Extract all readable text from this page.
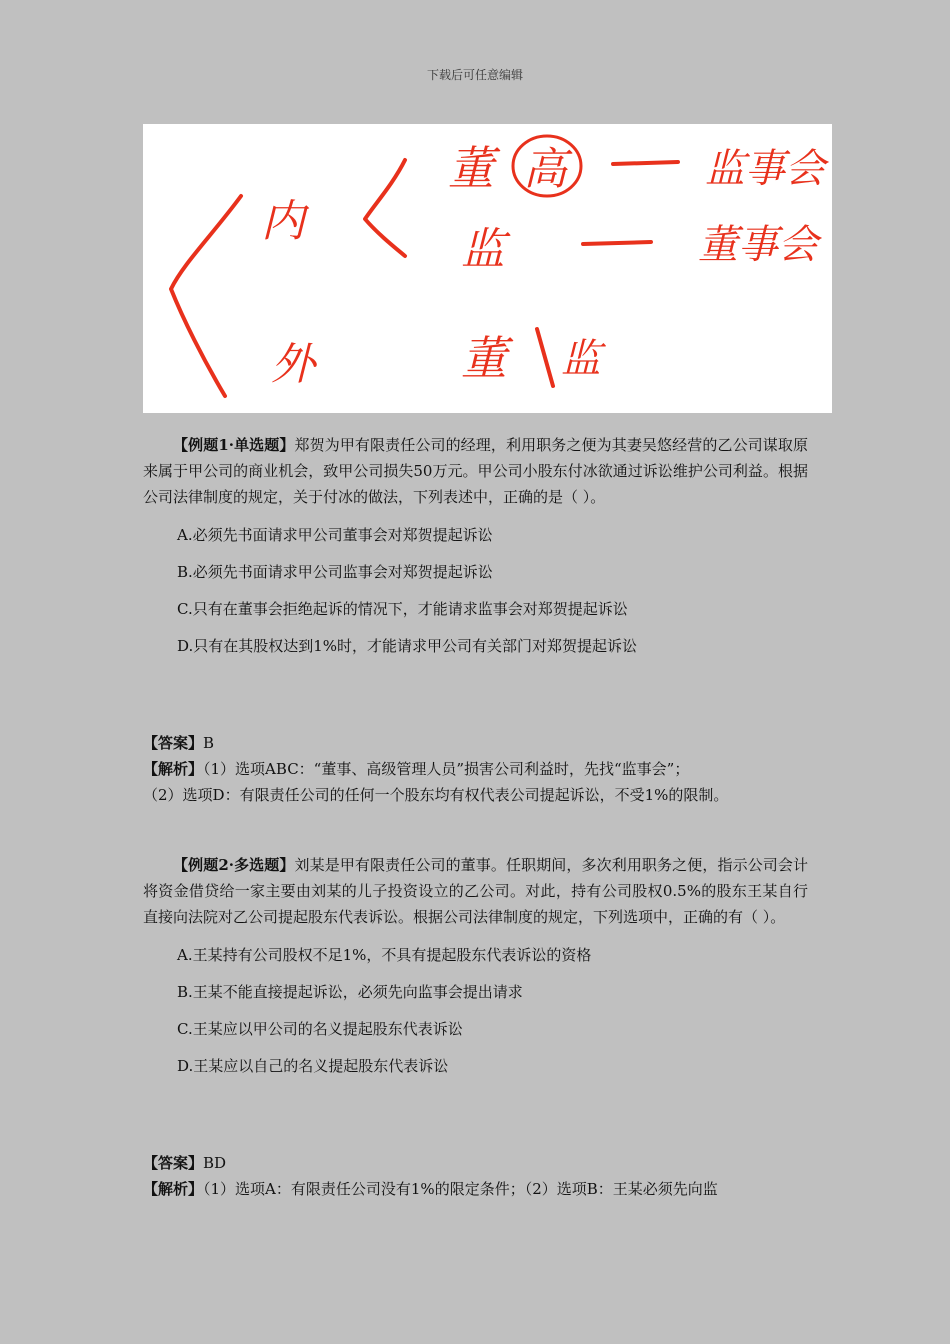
下载后可任意编辑
内
外
董 高	监事会
监	董事会
董 监

【例题1·单选题】郑贺为甲有限责任公司的经理，利用职务之便为其妻吴悠经营的乙公司谋取原来属于甲公司的商业机会，致甲公司损失50万元。甲公司小股东付冰欲通过诉讼维护公司利益。根据公司法律制度的规定，关于付冰的做法，下列表述中，正确的是（ ）。

A.必须先书面请求甲公司董事会对郑贺提起诉讼
B.必须先书面请求甲公司监事会对郑贺提起诉讼
C.只有在董事会拒绝起诉的情况下，才能请求监事会对郑贺提起诉讼
D.只有在其股权达到1%时，才能请求甲公司有关部门对郑贺提起诉讼

【答案】B

【解析】（1）选项ABC：“董事、高级管理人员”损害公司利益时，先找“监事会”；

（2）选项D：有限责任公司的任何一个股东均有权代表公司提起诉讼，不受1%的限制。

【例题2·多选题】刘某是甲有限责任公司的董事。任职期间，多次利用职务之便，指示公司会计将资金借贷给一家主要由刘某的儿子投资设立的乙公司。对此，持有公司股权0.5%的股东王某自行直接向法院对乙公司提起股东代表诉讼。根据公司法律制度的规定，下列选项中，正确的有（ ）。

A.王某持有公司股权不足1%，不具有提起股东代表诉讼的资格
B.王某不能直接提起诉讼，必须先向监事会提出请求
C.王某应以甲公司的名义提起股东代表诉讼
D.王某应以自己的名义提起股东代表诉讼

【答案】BD

【解析】（1）选项A：有限责任公司没有1%的限定条件；（2）选项B：王某必须先向监
